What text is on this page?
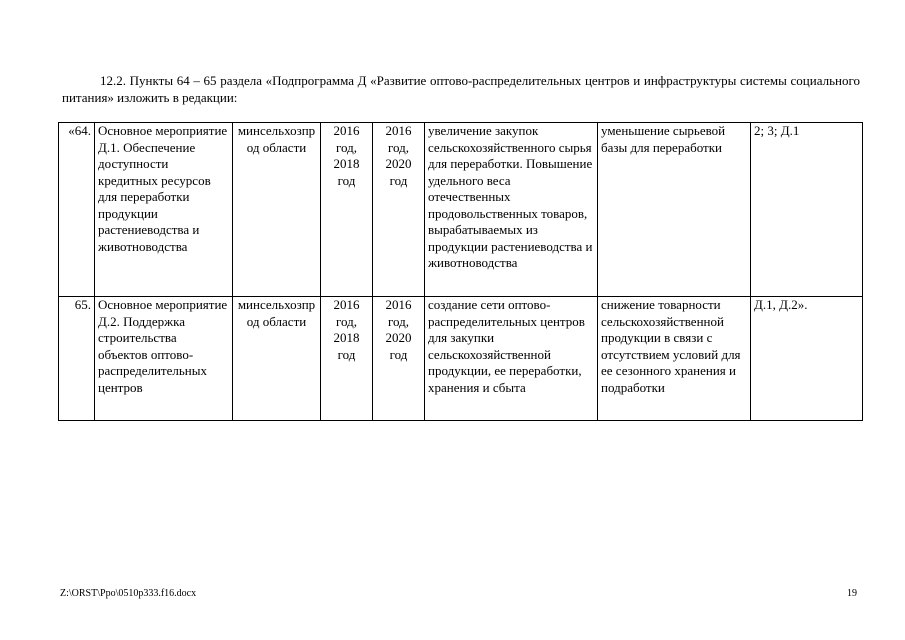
12.2. Пункты 64 – 65 раздела «Подпрограмма Д «Развитие оптово-распределительных центров и инфраструктуры системы социального питания» изложить в редакции:

«64.	Основное мероприятие Д.1. Обеспечение доступности кредитных ресурсов для переработки продукции растениеводства и животноводства	минсельхозпрод области	2016 год, 2018 год	2016 год, 2020 год	увеличение закупок сельскохозяйственного сырья для переработки. Повышение удельного веса отечественных продовольственных товаров, вырабатываемых из продукции растениеводства и животноводства	уменьшение сырьевой базы для переработки	2; 3; Д.1
65.	Основное мероприятие Д.2. Поддержка строительства объектов оптово-распределительных центров	минсельхозпрод области	2016 год, 2018 год	2016 год, 2020 год	создание сети оптово-распределительных центров для закупки сельскохозяйственной продукции, ее переработки, хранения и сбыта	снижение товарности сельскохозяйственной продукции в связи с отсутствием условий для ее сезонного хранения и подработки	Д.1, Д.2».
Z:\ORST\Ppo\0510p333.f16.docx	19
